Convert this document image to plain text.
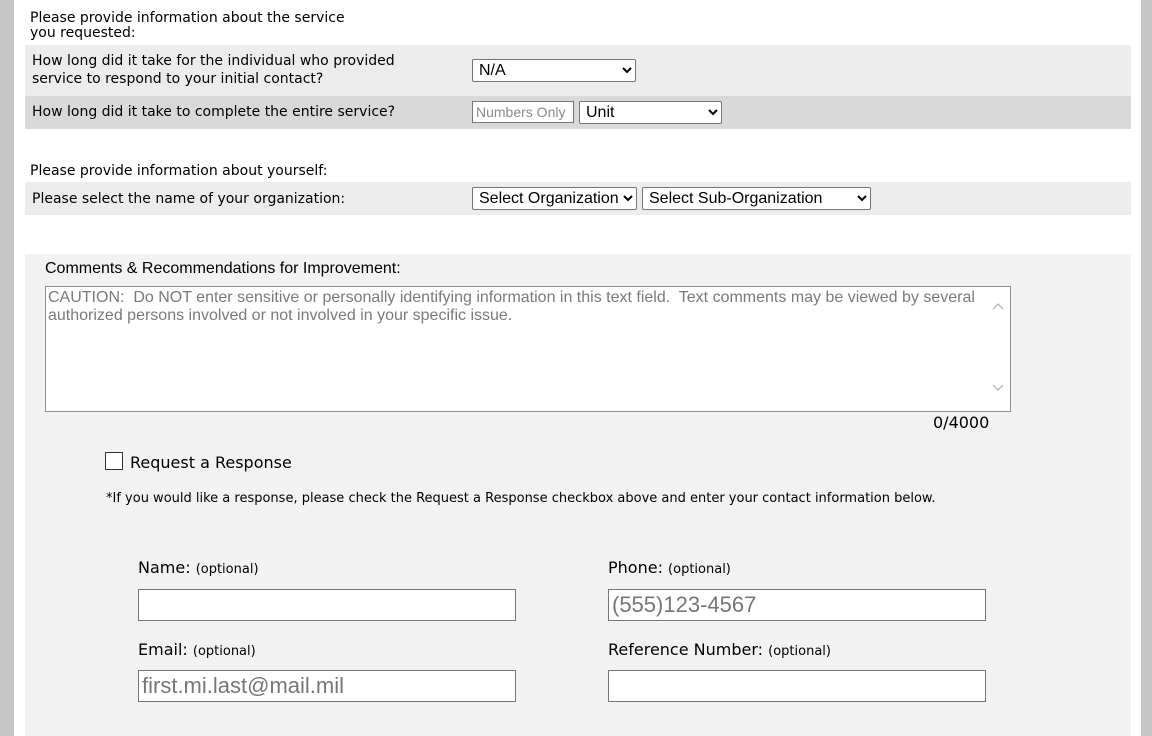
Please provide information about the service you requested:
How long did it take for the individual who provided service to respond to your initial contact?
N/A
How long did it take to complete the entire service?
Numbers Only
Unit
Please provide information about yourself:
Please select the name of your organization:
Select Organization
Select Sub-Organization
Comments & Recommendations for Improvement:
CAUTION: Do NOT enter sensitive or personally identifying information in this text field. Text comments may be viewed by several authorized persons involved or not involved in your specific issue.
0/4000
Request a Response
*If you would like a response, please check the Request a Response checkbox above and enter your contact information below.
Name: (optional)	Phone: (optional)
(555)123-4567
Email: (optional)
first.mi.last@mail.mil	Reference Number: (optional)
